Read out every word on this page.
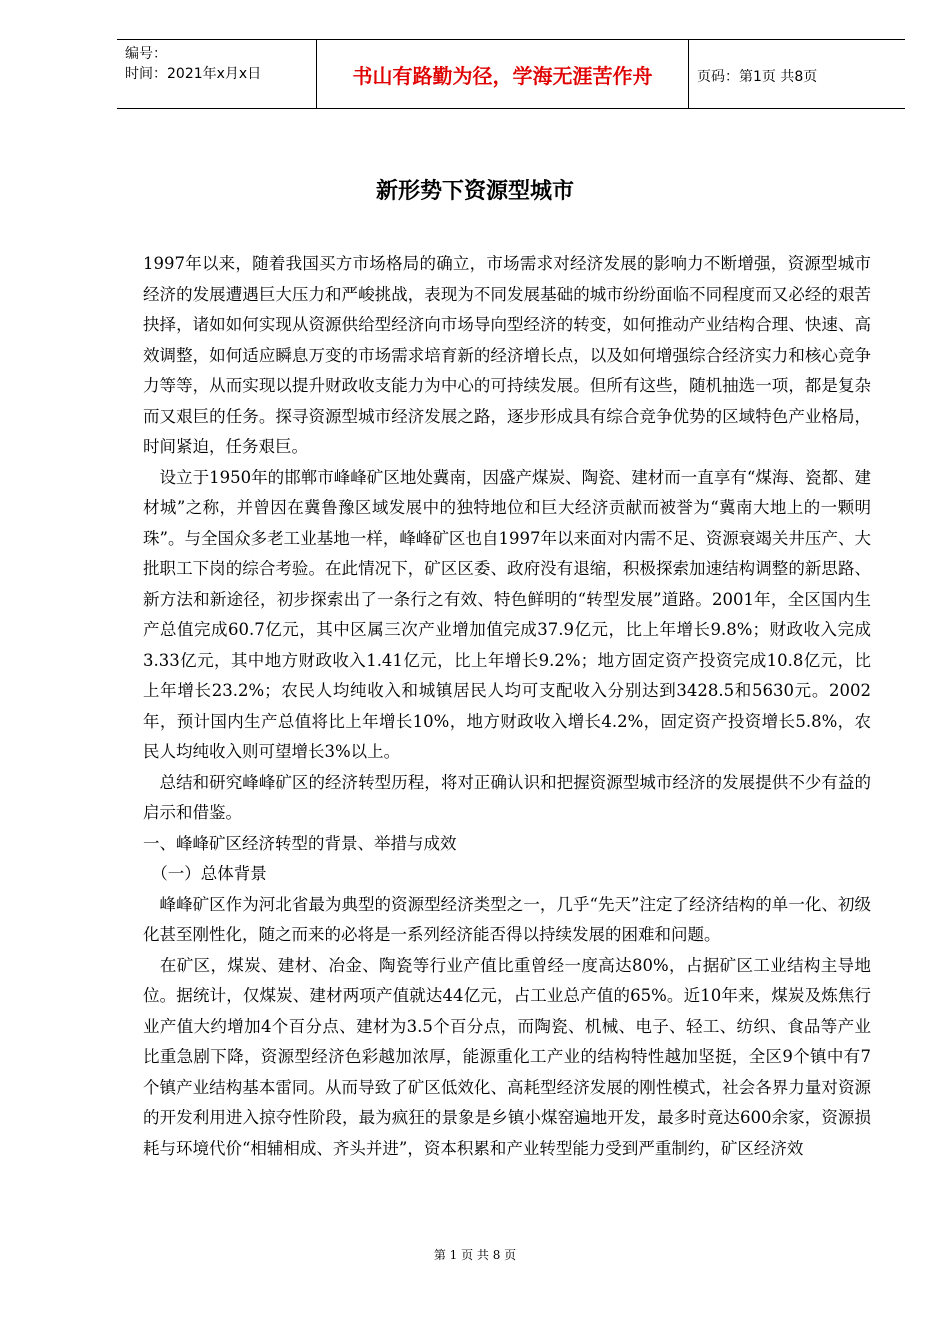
编号：
时间：2021年x月x日	书山有路勤为径，学海无涯苦作舟	页码：第1页 共8页
新形势下资源型城市

1997年以来，随着我国买方市场格局的确立，市场需求对经济发展的影响力不断增强，资源型城市经济的发展遭遇巨大压力和严峻挑战，表现为不同发展基础的城市纷纷面临不同程度而又必经的艰苦抉择，诸如如何实现从资源供给型经济向市场导向型经济的转变，如何推动产业结构合理、快速、高效调整，如何适应瞬息万变的市场需求培育新的经济增长点，以及如何增强综合经济实力和核心竞争力等等，从而实现以提升财政收支能力为中心的可持续发展。但所有这些，随机抽选一项，都是复杂而又艰巨的任务。探寻资源型城市经济发展之路，逐步形成具有综合竞争优势的区域特色产业格局，时间紧迫，任务艰巨。

　设立于1950年的邯郸市峰峰矿区地处冀南，因盛产煤炭、陶瓷、建材而一直享有“煤海、瓷都、建材城”之称，并曾因在冀鲁豫区域发展中的独特地位和巨大经济贡献而被誉为“冀南大地上的一颗明珠”。与全国众多老工业基地一样，峰峰矿区也自1997年以来面对内需不足、资源衰竭关井压产、大批职工下岗的综合考验。在此情况下，矿区区委、政府没有退缩，积极探索加速结构调整的新思路、新方法和新途径，初步探索出了一条行之有效、特色鲜明的“转型发展”道路。2001年，全区国内生产总值完成60.7亿元，其中区属三次产业增加值完成37.9亿元，比上年增长9.8%；财政收入完成3.33亿元，其中地方财政收入1.41亿元，比上年增长9.2%；地方固定资产投资完成10.8亿元，比上年增长23.2%；农民人均纯收入和城镇居民人均可支配收入分别达到3428.5和5630元。2002年，预计国内生产总值将比上年增长10%，地方财政收入增长4.2%，固定资产投资增长5.8%，农民人均纯收入则可望增长3%以上。

　总结和研究峰峰矿区的经济转型历程，将对正确认识和把握资源型城市经济的发展提供不少有益的启示和借鉴。

一、峰峰矿区经济转型的背景、举措与成效

　（一）总体背景

　峰峰矿区作为河北省最为典型的资源型经济类型之一，几乎“先天”注定了经济结构的单一化、初级化甚至刚性化，随之而来的必将是一系列经济能否得以持续发展的困难和问题。

　在矿区，煤炭、建材、冶金、陶瓷等行业产值比重曾经一度高达80%，占据矿区工业结构主导地位。据统计，仅煤炭、建材两项产值就达44亿元，占工业总产值的65%。近10年来，煤炭及炼焦行业产值大约增加4个百分点、建材为3.5个百分点，而陶瓷、机械、电子、轻工、纺织、食品等产业比重急剧下降，资源型经济色彩越加浓厚，能源重化工产业的结构特性越加坚挺，全区9个镇中有7个镇产业结构基本雷同。从而导致了矿区低效化、高耗型经济发展的刚性模式，社会各界力量对资源的开发利用进入掠夺性阶段，最为疯狂的景象是乡镇小煤窑遍地开发，最多时竟达600余家，资源损耗与环境代价“相辅相成、齐头并进”，资本积累和产业转型能力受到严重制约，矿区经济效

第 1 页 共 8 页
